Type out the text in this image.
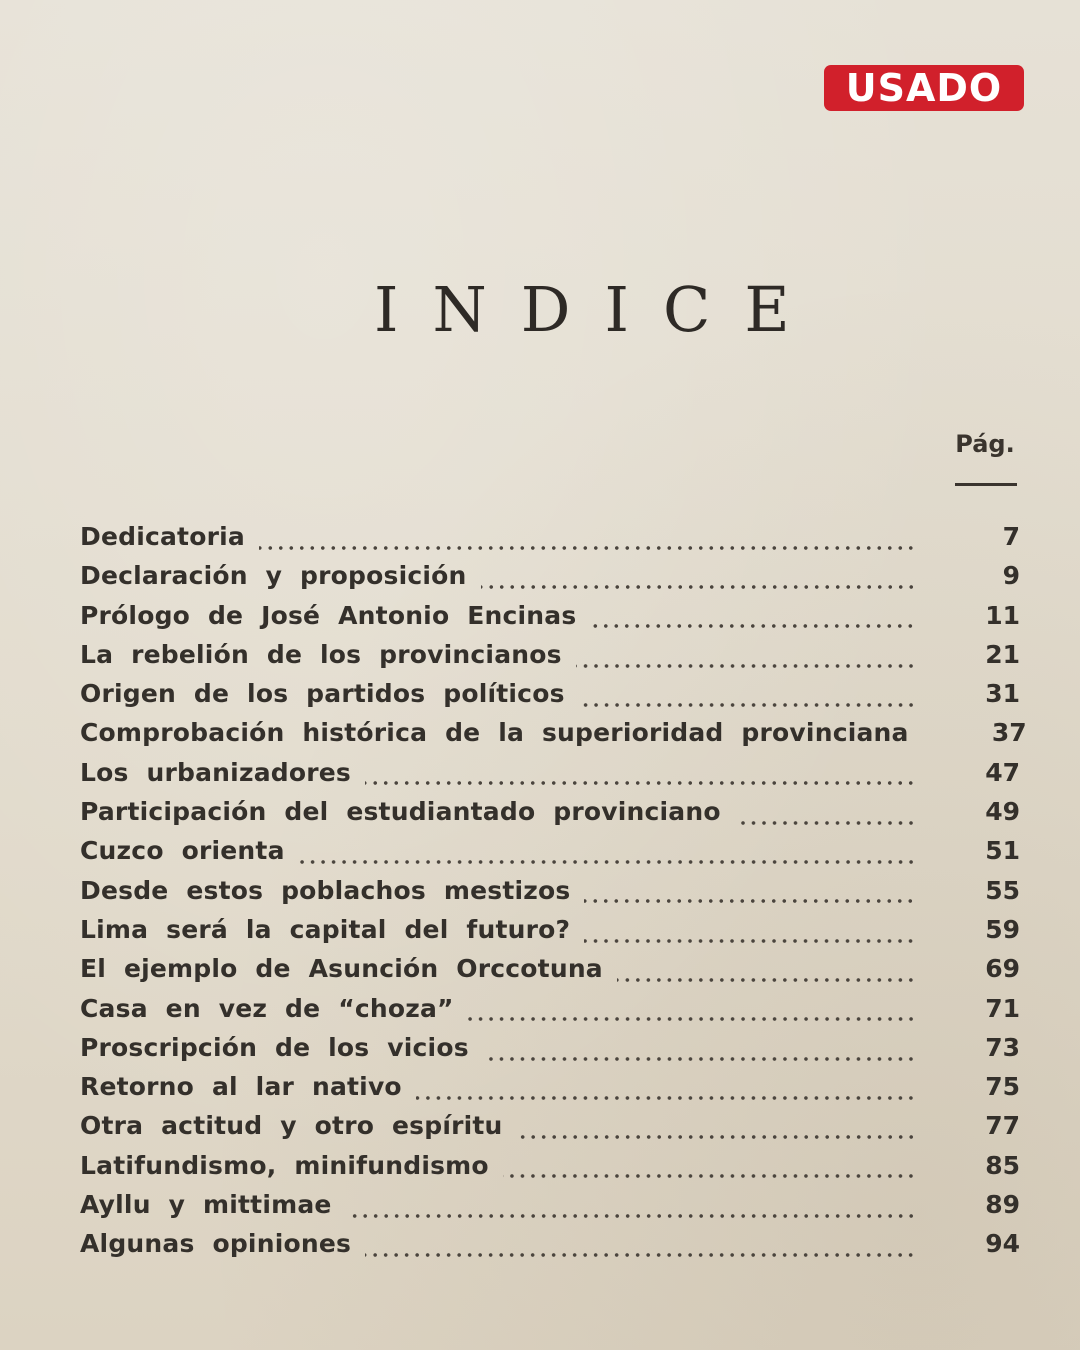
USADO
INDICE
Pág.
Dedicatoria	7
Declaración y proposición	9
Prólogo de José Antonio Encinas	11
La rebelión de los provincianos	21
Origen de los partidos políticos	31
Comprobación histórica de la superioridad provinciana	37
Los urbanizadores	47
Participación del estudiantado provinciano	49
Cuzco orienta	51
Desde estos poblachos mestizos	55
Lima será la capital del futuro?	59
El ejemplo de Asunción Orccotuna	69
Casa en vez de “choza”	71
Proscripción de los vicios	73
Retorno al lar nativo	75
Otra actitud y otro espíritu	77
Latifundismo, minifundismo	85
Ayllu y mittimae	89
Algunas opiniones	94
